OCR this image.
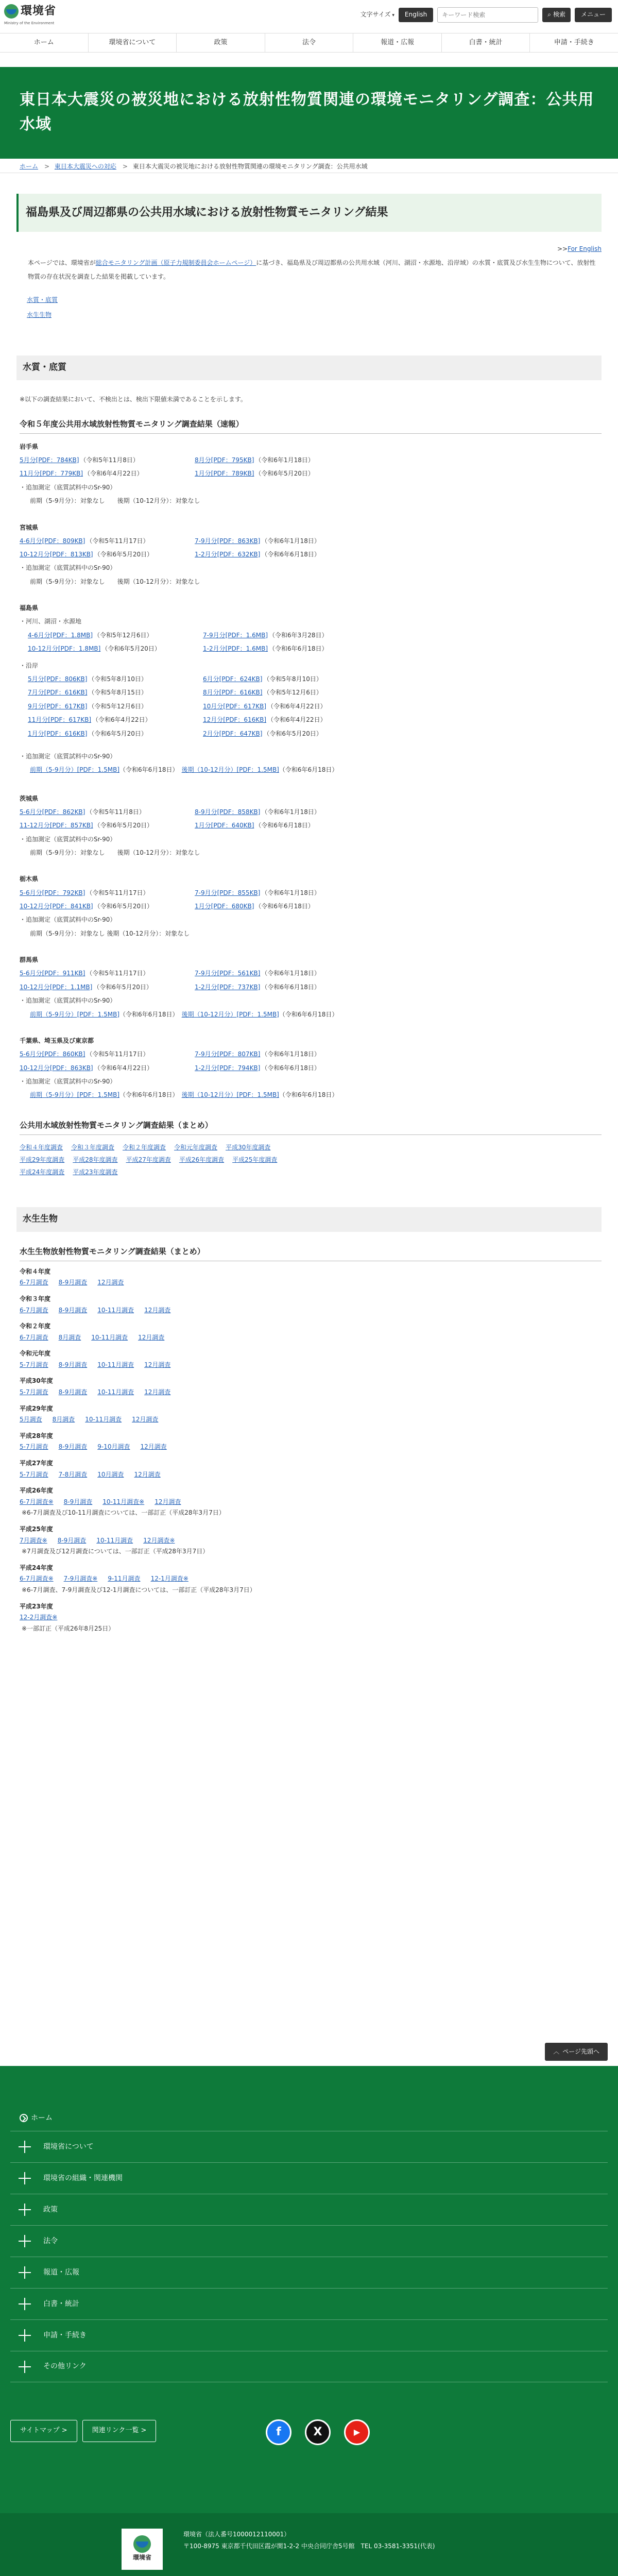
環境省
Ministry of the Environment
文字サイズ ▾	English
キーワード検索	⌕ 検索	メニュー
ホーム	環境省について	政策	法令	報道・広報	白書・統計	申請・手続き
東日本大震災の被災地における放射性物質関連の環境モニタリング調査：公共用水域
ホーム > 東日本大震災への対応 > 東日本大震災の被災地における放射性物質関連の環境モニタリング調査：公共用水域
福島県及び周辺都県の公共用水域における放射性物質モニタリング結果
>>For English

本ページでは、環境省が総合モニタリング計画（原子力規制委員会ホームページ）に基づき、福島県及び周辺都県の公共用水域（河川、湖沼・水源地、沿岸域）の水質・底質及び水生生物について、放射性物質の存在状況を調査した結果を掲載しています。

水質・底質
水生生物
水質・底質

※以下の調査結果において、不検出とは、検出下限値未満であることを示します。

令和５年度公共用水域放射性物質モニタリング調査結果（速報）
岩手県
5月分[PDF：784KB] （令和5年11月8日）	8月分[PDF：795KB] （令和6年1月18日）
11月分[PDF：779KB] （令和6年4月22日）	1月分[PDF：789KB] （令和6年5月20日）
・追加測定（底質試料中のSr-90）
前期（5-9月分）：対象なし　　後期（10-12月分）：対象なし
宮城県
4-6月分[PDF：809KB] （令和5年11月17日）	7-9月分[PDF：863KB] （令和6年1月18日）
10-12月分[PDF：813KB] （令和6年5月20日）	1-2月分[PDF：632KB] （令和6年6月18日）
・追加測定（底質試料中のSr-90）
前期（5-9月分）：対象なし　　後期（10-12月分）：対象なし
福島県
・河川、湖沼・水源地
4-6月分[PDF：1.8MB] （令和5年12月6日）	7-9月分[PDF：1.6MB] （令和6年3月28日）
10-12月分[PDF：1.8MB] （令和6年5月20日）	1-2月分[PDF：1.6MB] （令和6年6月18日）
・沿岸
5月分[PDF：806KB] （令和5年8月10日）	6月分[PDF：624KB] （令和5年8月10日）
7月分[PDF：616KB] （令和5年8月15日）	8月分[PDF：616KB] （令和5年12月6日）
9月分[PDF：617KB] （令和5年12月6日）	10月分[PDF：617KB] （令和6年4月22日）
11月分[PDF：617KB] （令和6年4月22日）	12月分[PDF：616KB] （令和6年4月22日）
1月分[PDF：616KB] （令和6年5月20日）	2月分[PDF：647KB] （令和6年5月20日）
・追加測定（底質試料中のSr-90）
前期（5-9月分）[PDF：1.5MB]（令和6年6月18日）　 後期（10-12月分）[PDF：1.5MB]（令和6年6月18日）
茨城県
5-6月分[PDF：862KB] （令和5年11月8日）	8-9月分[PDF：858KB] （令和6年1月18日）
11-12月分[PDF：857KB] （令和6年5月20日）	1月分[PDF：640KB] （令和6年6月18日）
・追加測定（底質試料中のSr-90）
前期（5-9月分）：対象なし　　後期（10-12月分）：対象なし
栃木県
5-6月分[PDF：792KB] （令和5年11月17日）	7-9月分[PDF：855KB] （令和6年1月18日）
10-12月分[PDF：841KB] （令和6年5月20日）	1月分[PDF：680KB] （令和6年6月18日）
・追加測定（底質試料中のSr-90）
前期（5-9月分）：対象なし 後期（10-12月分）：対象なし
群馬県
5-6月分[PDF：911KB] （令和5年11月17日）	7-9月分[PDF：561KB] （令和6年1月18日）
10-12月分[PDF：1.1MB] （令和6年5月20日）	1-2月分[PDF：737KB] （令和6年6月18日）
・追加測定（底質試料中のSr-90）
前期（5-9月分）[PDF：1.5MB]（令和6年6月18日）　 後期（10-12月分）[PDF：1.5MB]（令和6年6月18日）
千葉県、埼玉県及び東京都
5-6月分[PDF：860KB] （令和5年11月17日）	7-9月分[PDF：807KB] （令和6年1月18日）
10-12月分[PDF：863KB] （令和6年4月22日）	1-2月分[PDF：794KB] （令和6年6月18日）
・追加測定（底質試料中のSr-90）
前期（5-9月分）[PDF：1.5MB]（令和6年6月18日）　 後期（10-12月分）[PDF：1.5MB]（令和6年6月18日）
公共用水域放射性物質モニタリング調査結果（まとめ）
令和４年度調査 令和３年度調査 令和２年度調査 令和元年度調査 平成30年度調査
平成29年度調査 平成28年度調査 平成27年度調査 平成26年度調査 平成25年度調査
平成24年度調査 平成23年度調査
水生生物
水生生物放射性物質モニタリング調査結果（まとめ）
令和４年度
6-7月調査 8-9月調査 12月調査
令和３年度
6-7月調査 8-9月調査 10-11月調査 12月調査
令和２年度
6-7月調査 8月調査 10-11月調査 12月調査
令和元年度
5-7月調査 8-9月調査 10-11月調査 12月調査
平成30年度
5-7月調査 8-9月調査 10-11月調査 12月調査
平成29年度
5月調査 8月調査 10-11月調査 12月調査
平成28年度
5-7月調査 8-9月調査 9-10月調査 12月調査
平成27年度
5-7月調査 7-8月調査 10月調査 12月調査
平成26年度
6-7月調査※ 8-9月調査 10-11月調査※ 12月調査
※6-7月調査及び10-11月調査については、一部訂正（平成28年3月7日）
平成25年度
7月調査※ 8-9月調査 10-11月調査 12月調査※
※7月調査及び12月調査については、一部訂正（平成28年3月7日）
平成24年度
6-7月調査※ 7-9月調査※ 9-11月調査 12-1月調査※
※6-7月調査、7-9月調査及び12-1月調査については、一部訂正（平成28年3月7日）
平成23年度
12-2月調査※
※一部訂正（平成26年8月25日）
︿ ページ先頭へ
ホーム
環境省について
環境省の組織・関連機関
政策
法令
報道・広報
白書・統計
申請・手続き
その他リンク
サイトマップ >	関連リンク一覧 >	f	X	▶
環境省
環境省（法人番号1000012110001）
〒100-8975 東京都千代田区霞が関1-2-2 中央合同庁舎5号館　TEL 03-3581-3351(代表)
